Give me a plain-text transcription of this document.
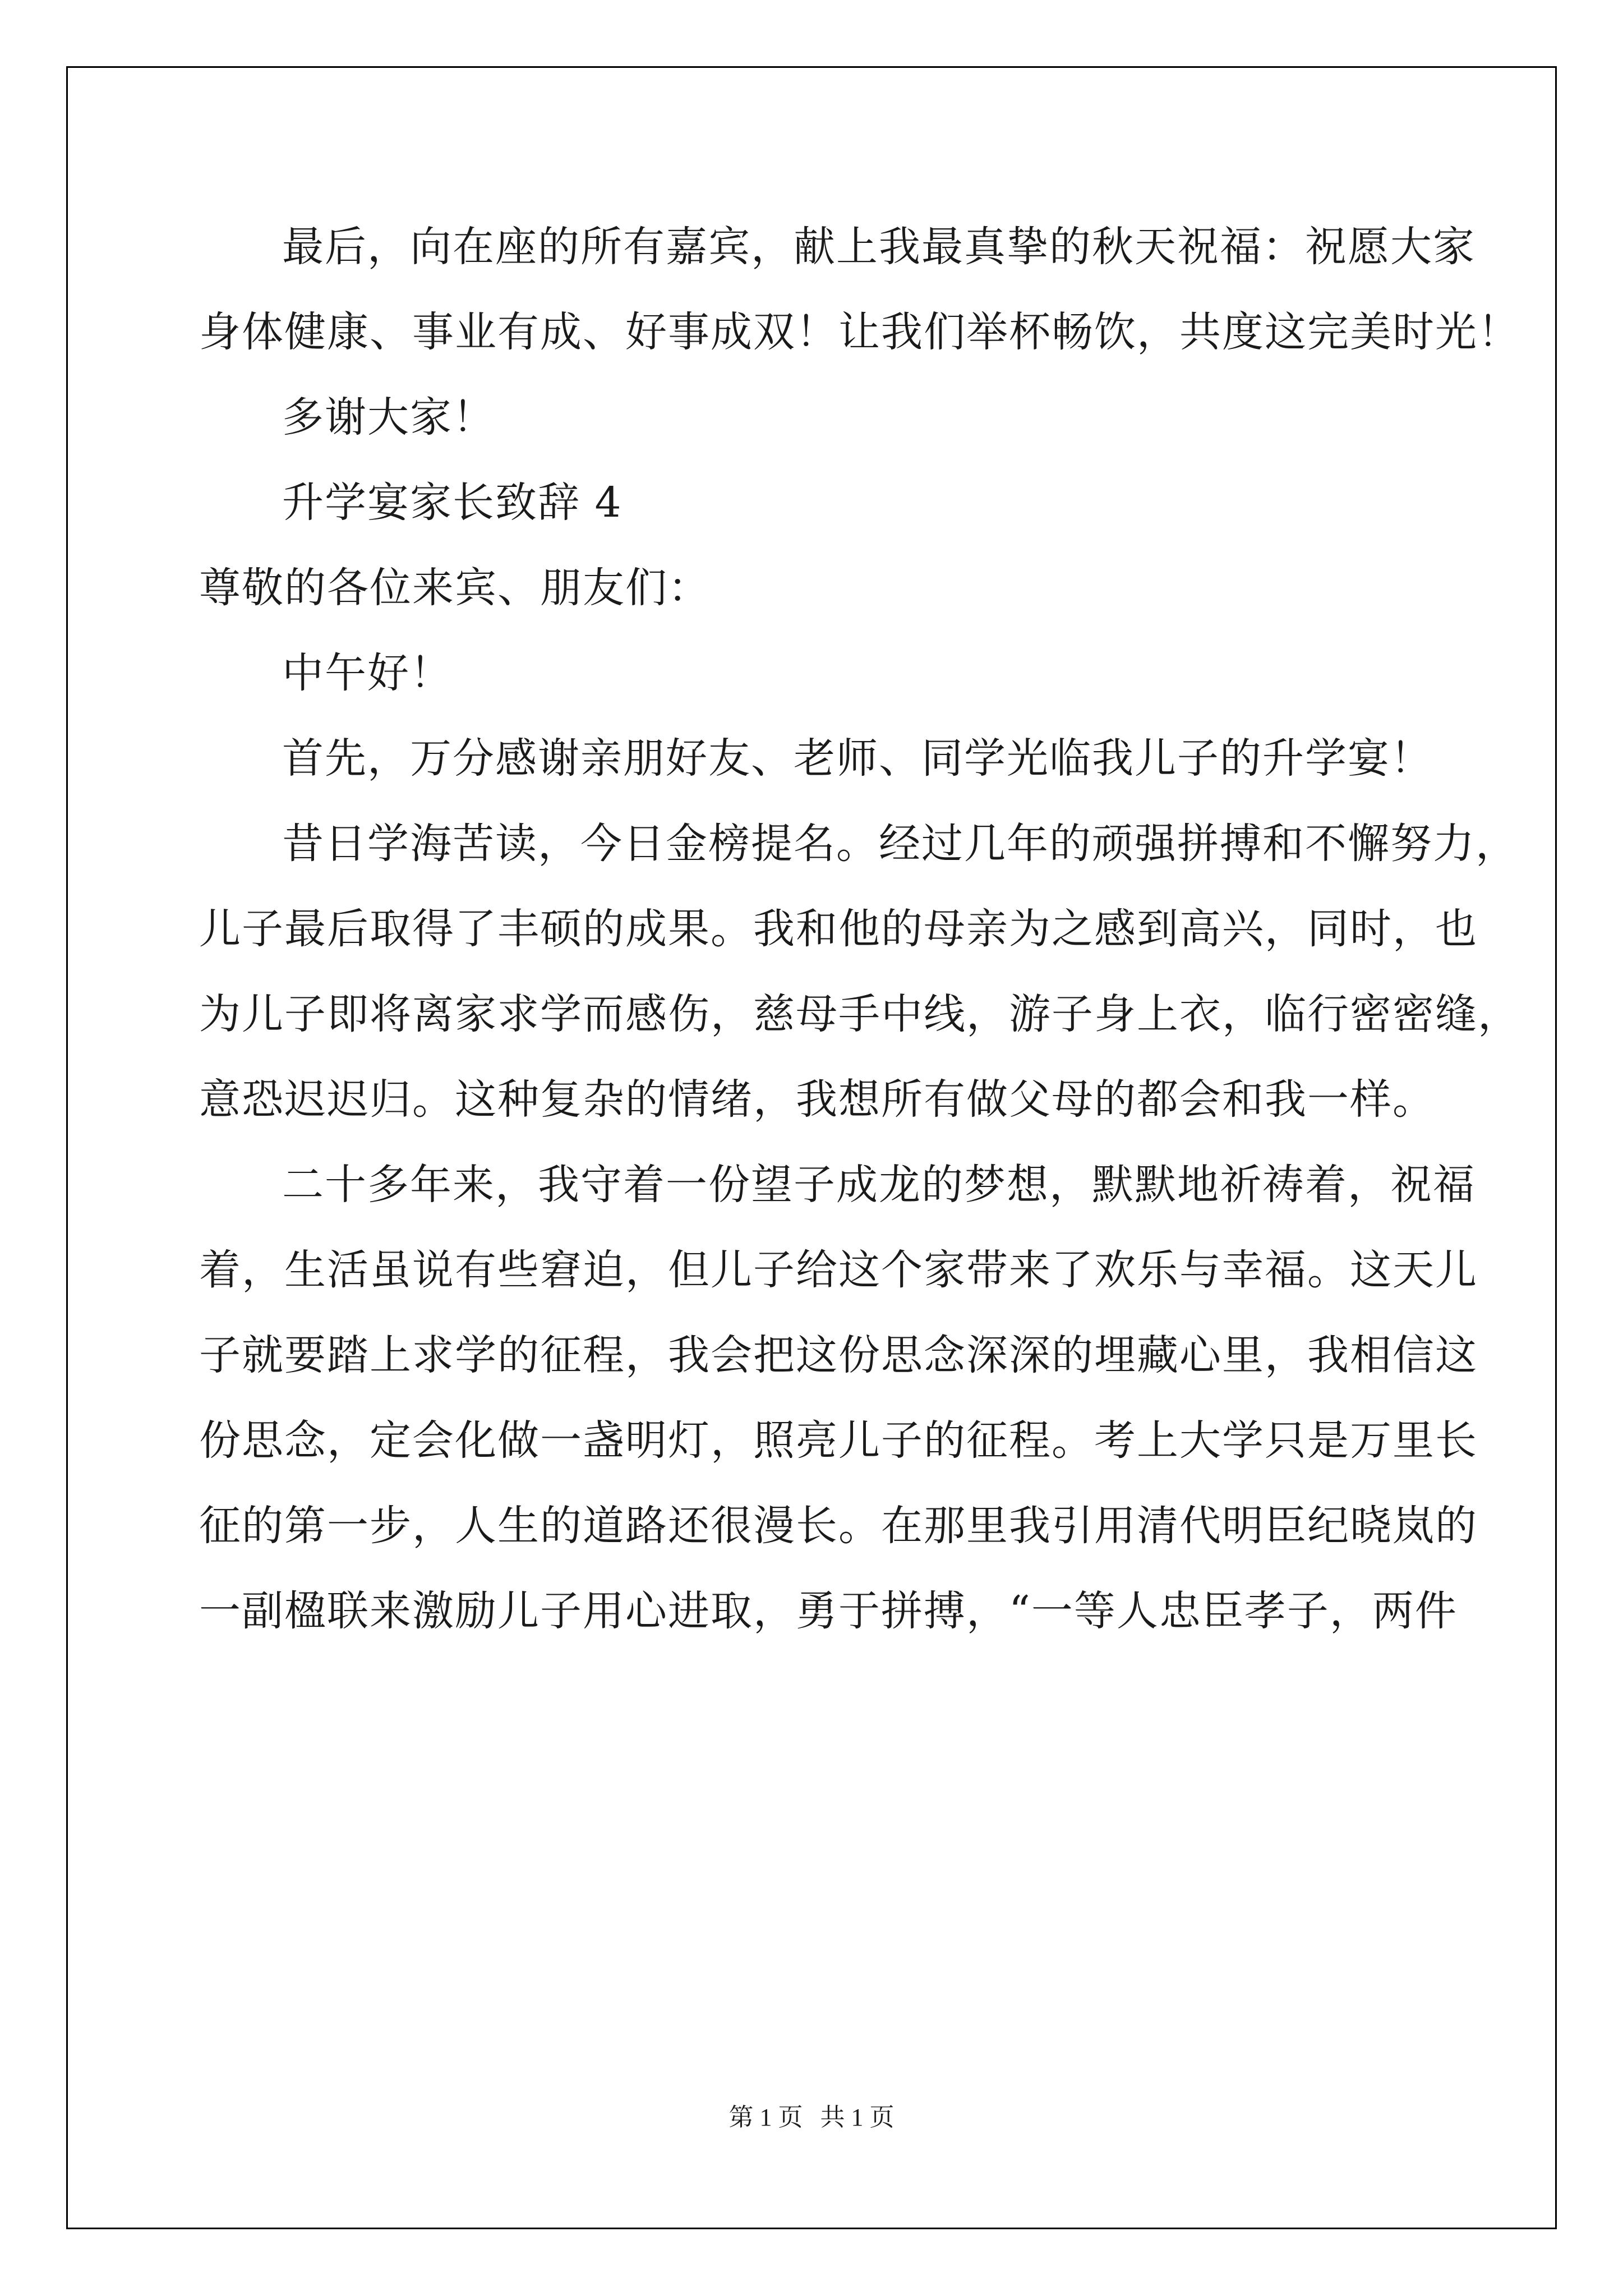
最后，向在座的所有嘉宾，献上我最真挚的秋天祝福：祝愿大家
身体健康、事业有成、好事成双！让我们举杯畅饮，共度这完美时光！
多谢大家！
升学宴家长致辞 4
尊敬的各位来宾、朋友们：
中午好！
首先，万分感谢亲朋好友、老师、同学光临我儿子的升学宴！
昔日学海苦读，今日金榜提名。经过几年的顽强拼搏和不懈努力，
儿子最后取得了丰硕的成果。我和他的母亲为之感到高兴，同时，也
为儿子即将离家求学而感伤，慈母手中线，游子身上衣，临行密密缝，
意恐迟迟归。这种复杂的情绪，我想所有做父母的都会和我一样。
二十多年来，我守着一份望子成龙的梦想，默默地祈祷着，祝福
着，生活虽说有些窘迫，但儿子给这个家带来了欢乐与幸福。这天儿
子就要踏上求学的征程，我会把这份思念深深的埋藏心里，我相信这
份思念，定会化做一盏明灯，照亮儿子的征程。考上大学只是万里长
征的第一步，人生的道路还很漫长。在那里我引用清代明臣纪晓岚的
一副楹联来激励儿子用心进取，勇于拼搏，“一等人忠臣孝子，两件
第 1 页 共 1 页
